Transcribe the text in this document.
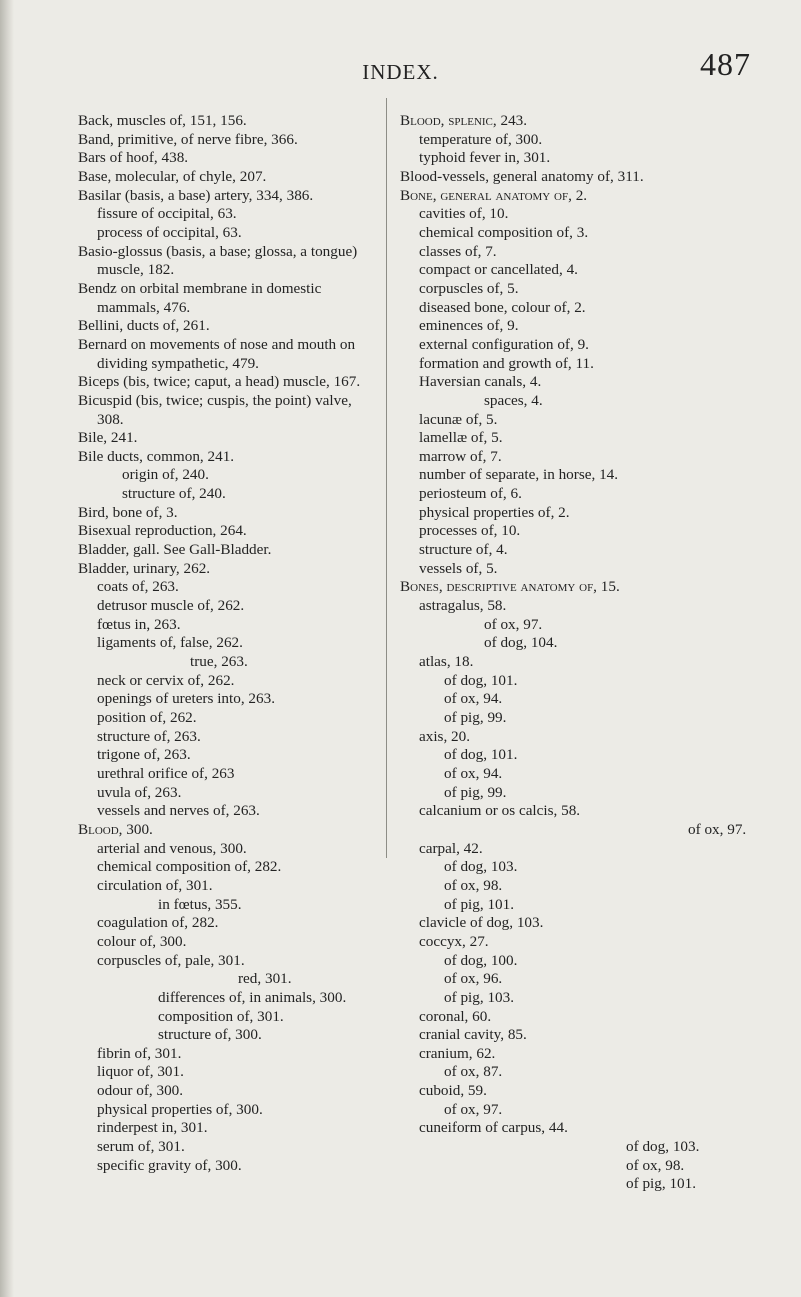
INDEX.	487
Back, muscles of, 151, 156.
Band, primitive, of nerve fibre, 366.
Bars of hoof, 438.
Base, molecular, of chyle, 207.
Basilar (basis, a base) artery, 334, 386.
fissure of occipital, 63.
process of occipital, 63.
Basio-glossus (basis, a base; glossa, a tongue) muscle, 182.
Bendz on orbital membrane in domestic mammals, 476.
Bellini, ducts of, 261.
Bernard on movements of nose and mouth on dividing sympathetic, 479.
Biceps (bis, twice; caput, a head) muscle, 167.
Bicuspid (bis, twice; cuspis, the point) valve, 308.
Bile, 241.
Bile ducts, common, 241.
origin of, 240.
structure of, 240.
Bird, bone of, 3.
Bisexual reproduction, 264.
Bladder, gall. See Gall-Bladder.
Bladder, urinary, 262.
coats of, 263.
detrusor muscle of, 262.
fœtus in, 263.
ligaments of, false, 262.
true, 263.
neck or cervix of, 262.
openings of ureters into, 263.
position of, 262.
structure of, 263.
trigone of, 263.
urethral orifice of, 263
uvula of, 263.
vessels and nerves of, 263.
Blood, 300.
arterial and venous, 300.
chemical composition of, 282.
circulation of, 301.
in fœtus, 355.
coagulation of, 282.
colour of, 300.
corpuscles of, pale, 301.
red, 301.
differences of, in animals, 300.
composition of, 301.
structure of, 300.
fibrin of, 301.
liquor of, 301.
odour of, 300.
physical properties of, 300.
rinderpest in, 301.
serum of, 301.
specific gravity of, 300.
Blood, splenic, 243.
temperature of, 300.
typhoid fever in, 301.
Blood-vessels, general anatomy of, 311.
Bone, general anatomy of, 2.
cavities of, 10.
chemical composition of, 3.
classes of, 7.
compact or cancellated, 4.
corpuscles of, 5.
diseased bone, colour of, 2.
eminences of, 9.
external configuration of, 9.
formation and growth of, 11.
Haversian canals, 4.
spaces, 4.
lacunæ of, 5.
lamellæ of, 5.
marrow of, 7.
number of separate, in horse, 14.
periosteum of, 6.
physical properties of, 2.
processes of, 10.
structure of, 4.
vessels of, 5.
Bones, descriptive anatomy of, 15.
astragalus, 58.
of ox, 97.
of dog, 104.
atlas, 18.
of dog, 101.
of ox, 94.
of pig, 99.
axis, 20.
of dog, 101.
of ox, 94.
of pig, 99.
calcanium or os calcis, 58.
of ox, 97.
carpal, 42.
of dog, 103.
of ox, 98.
of pig, 101.
clavicle of dog, 103.
coccyx, 27.
of dog, 100.
of ox, 96.
of pig, 103.
coronal, 60.
cranial cavity, 85.
cranium, 62.
of ox, 87.
cuboid, 59.
of ox, 97.
cuneiform of carpus, 44.
of dog, 103.
of ox, 98.
of pig, 101.
